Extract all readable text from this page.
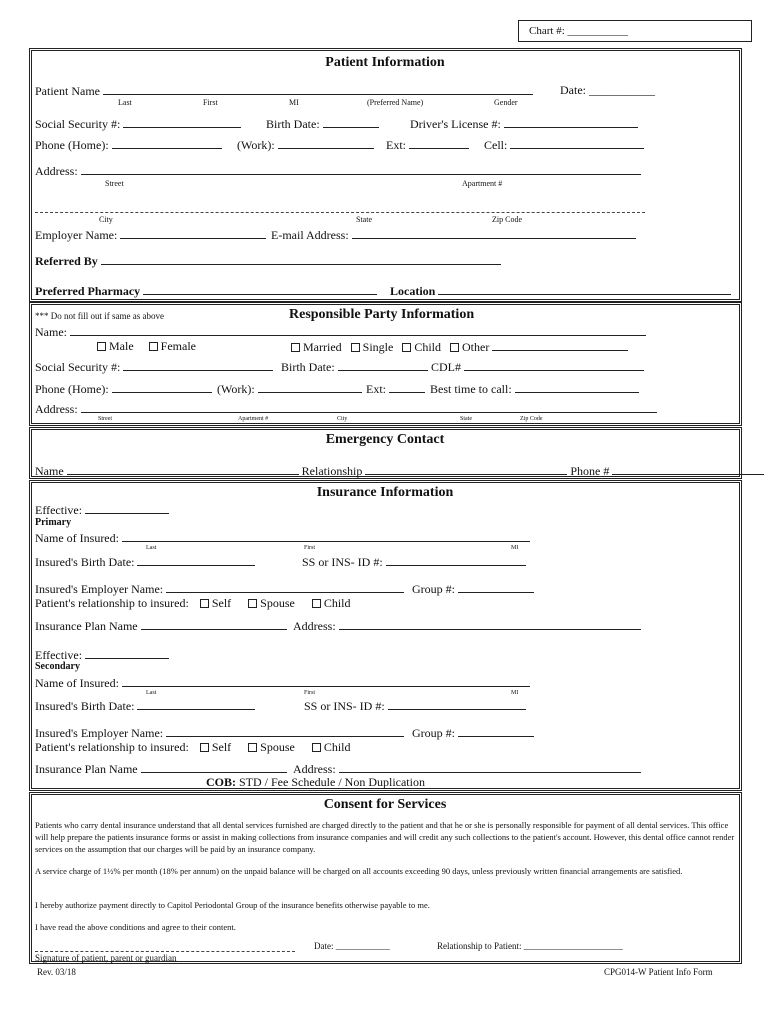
Chart #: ___________
Patient Information
Patient Name	Date: ___________
Last	First	MI	(Preferred Name)	Gender
Social Security #:	Birth Date:	Driver's License #:
Phone (Home):	(Work):	Ext:	Cell:
Address:
Street	Apartment #
City	State	Zip Code
Employer Name:	E-mail Address:
Referred By
Preferred Pharmacy	Location
*** Do not fill out if same as above	Responsible Party Information
Name:
Male Female	Married Single Child Other
Social Security #:	Birth Date:	CDL#
Phone (Home):	(Work):	Ext:	Best time to call:
Address:
Street	Apartment #	City	State	Zip Code
Emergency Contact
Name	Relationship	Phone #
Insurance Information
Effective:
Primary
Name of Insured:
Last	First	MI
Insured's Birth Date:	SS or INS- ID #:
Insured's Employer Name:	Group #:
Patient's relationship to insured: Self Spouse Child
Insurance Plan Name	Address:
Effective:
Secondary
Name of Insured:
Last	First	MI
Insured's Birth Date:	SS or INS- ID #:
Insured's Employer Name:	Group #:
Patient's relationship to insured: Self Spouse Child
Insurance Plan Name	Address:
COB: STD / Fee Schedule / Non Duplication
Consent for Services
Patients who carry dental insurance understand that all dental services furnished are charged directly to the patient and that he or she is personally responsible for payment of all dental services. This office will help prepare the patients insurance forms or assist in making collections from insurance companies and will credit any such collections to the patient's account. However, this dental office cannot render services on the assumption that our charges will be paid by an insurance company.
A service charge of 1½% per month (18% per annum) on the unpaid balance will be charged on all accounts exceeding 90 days, unless previously written financial arrangements are satisfied.
I hereby authorize payment directly to Capitol Periodontal Group of the insurance benefits otherwise payable to me.
I have read the above conditions and agree to their content.
Date: ____________	Relationship to Patient: ______________________
Signature of patient, parent or guardian
Rev. 03/18	CPG014-W Patient Info Form
